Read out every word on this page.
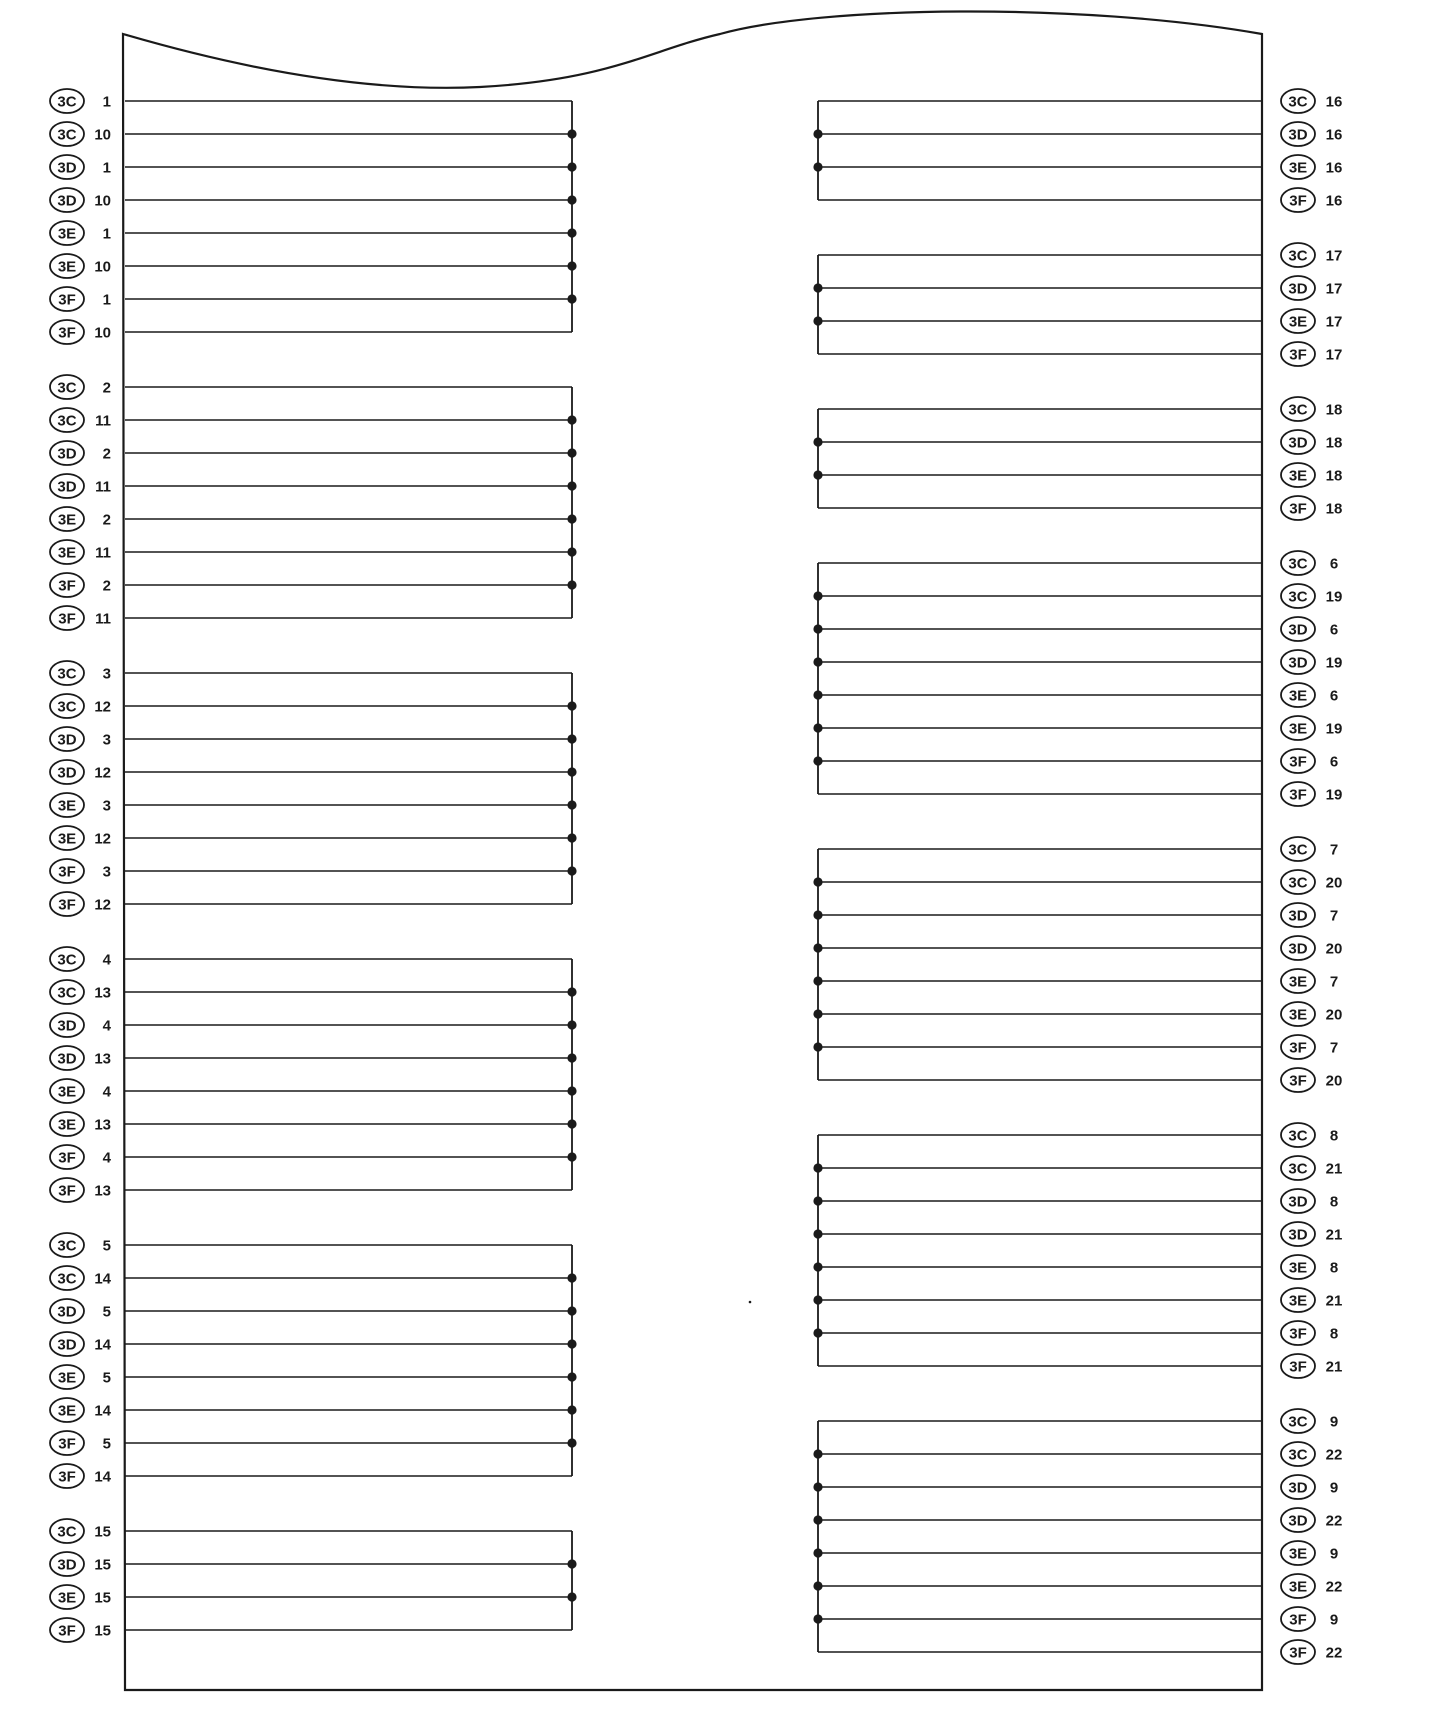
3C 1
3C 10
3D 1
3D 10
3E 1
3E 10
3F 1
3F 10
3C 2
3C 11
3D 2
3D 11
3E 2
3E 11
3F 2
3F 11
3C 3
3C 12
3D 3
3D 12
3E 3
3E 12
3F 3
3F 12
3C 4
3C 13
3D 4
3D 13
3E 4
3E 13
3F 4
3F 13
3C 5
3C 14
3D 5
3D 14
3E 5
3E 14
3F 5
3F 14
3C 15
3D 15
3E 15
3F 15
3C 16
3D 16
3E 16
3F 16
3C 17
3D 17
3E 17
3F 17
3C 18
3D 18
3E 18
3F 18
3C 6
3C 19
3D 6
3D 19
3E 6
3E 19
3F 6
3F 19
3C 7
3C 20
3D 7
3D 20
3E 7
3E 20
3F 7
3F 20
3C 8
3C 21
3D 8
3D 21
3E 8
3E 21
3F 8
3F 21
3C 9
3C 22
3D 9
3D 22
3E 9
3E 22
3F 9
3F 22
